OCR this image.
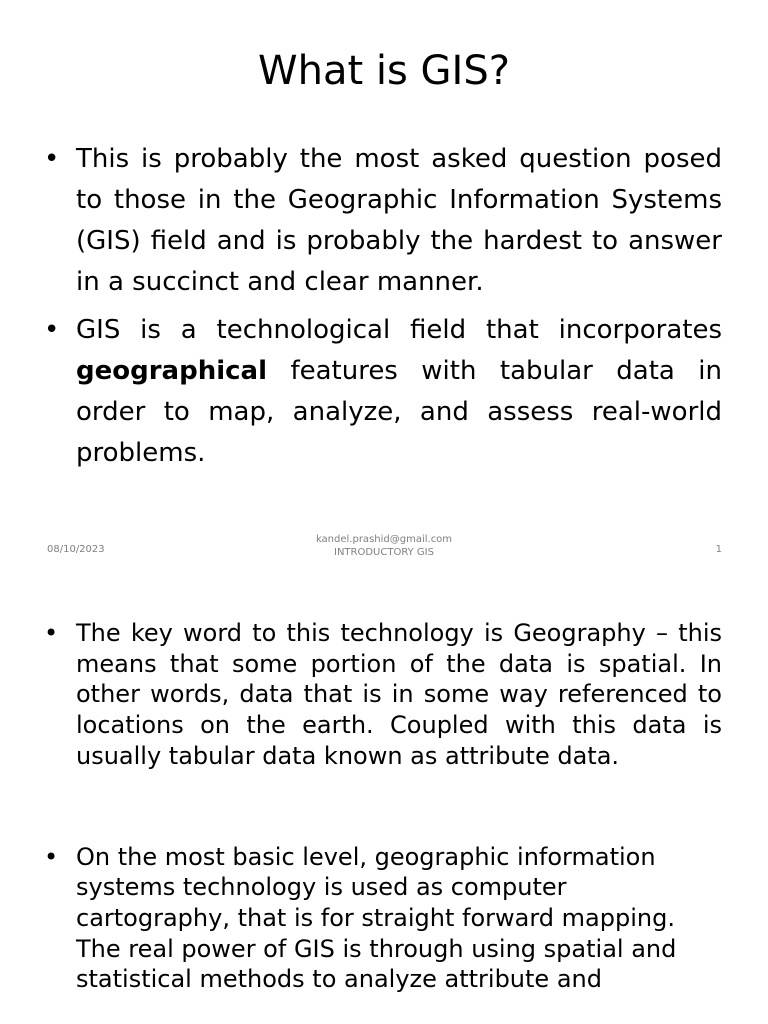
What is GIS?
• This is probably the most asked question posed to those in the Geographic Information Systems (GIS) field and is probably the hardest to answer in a succinct and clear manner.
• GIS is a technological field that incorporates geographical features with tabular data in order to map, analyze, and assess real-world problems.
08/10/2023
kandel.prashid@gmail.com
INTRODUCTORY GIS	1
• The key word to this technology is Geography – this means that some portion of the data is spatial. In other words, data that is in some way referenced to locations on the earth. Coupled with this data is usually tabular data known as attribute data.
• On the most basic level, geographic information systems technology is used as computer cartography, that is for straight forward mapping. The real power of GIS is through using spatial and statistical methods to analyze attribute and
